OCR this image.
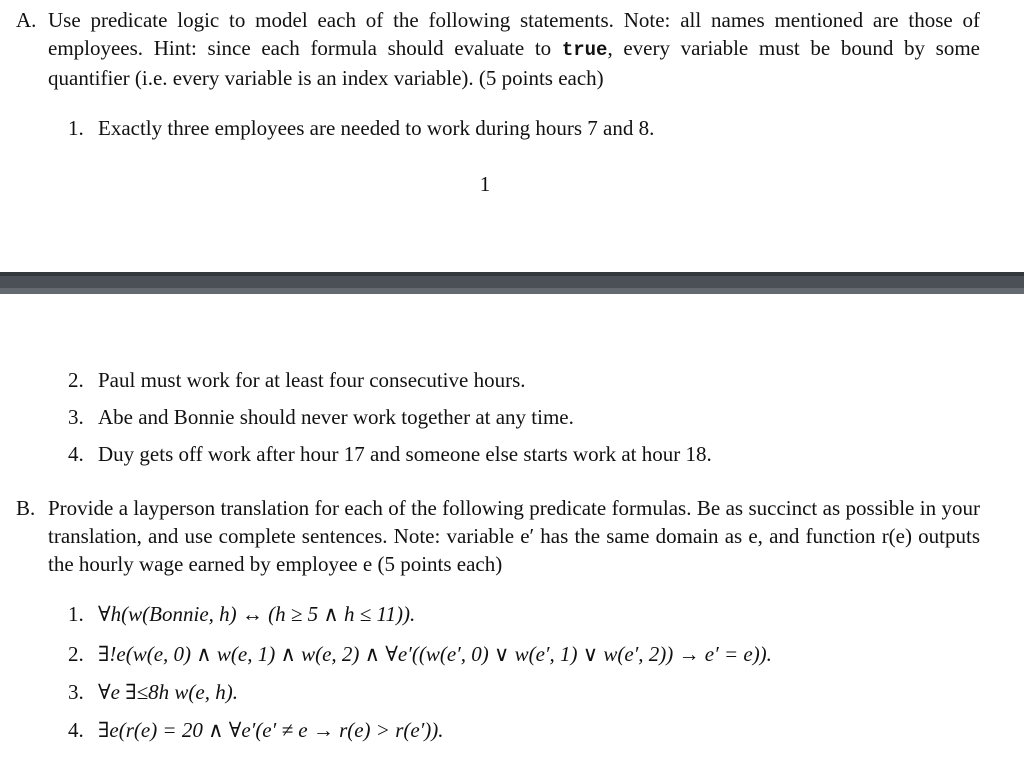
A. Use predicate logic to model each of the following statements. Note: all names mentioned are those of employees. Hint: since each formula should evaluate to true, every variable must be bound by some quantifier (i.e. every variable is an index variable). (5 points each)
1. Exactly three employees are needed to work during hours 7 and 8.
1
2. Paul must work for at least four consecutive hours.
3. Abe and Bonnie should never work together at any time.
4. Duy gets off work after hour 17 and someone else starts work at hour 18.
B. Provide a layperson translation for each of the following predicate formulas. Be as succinct as possible in your translation, and use complete sentences. Note: variable e′ has the same domain as e, and function r(e) outputs the hourly wage earned by employee e (5 points each)
1. ∀h(w(Bonnie, h) ↔ (h ≥ 5 ∧ h ≤ 11)).
2. ∃!e(w(e, 0) ∧ w(e, 1) ∧ w(e, 2) ∧ ∀e′((w(e′, 0) ∨ w(e′, 1) ∨ w(e′, 2)) → e′ = e)).
3. ∀e ∃≤8h w(e, h).
4. ∃e(r(e) = 20 ∧ ∀e′(e′ ≠ e → r(e) > r(e′)).
